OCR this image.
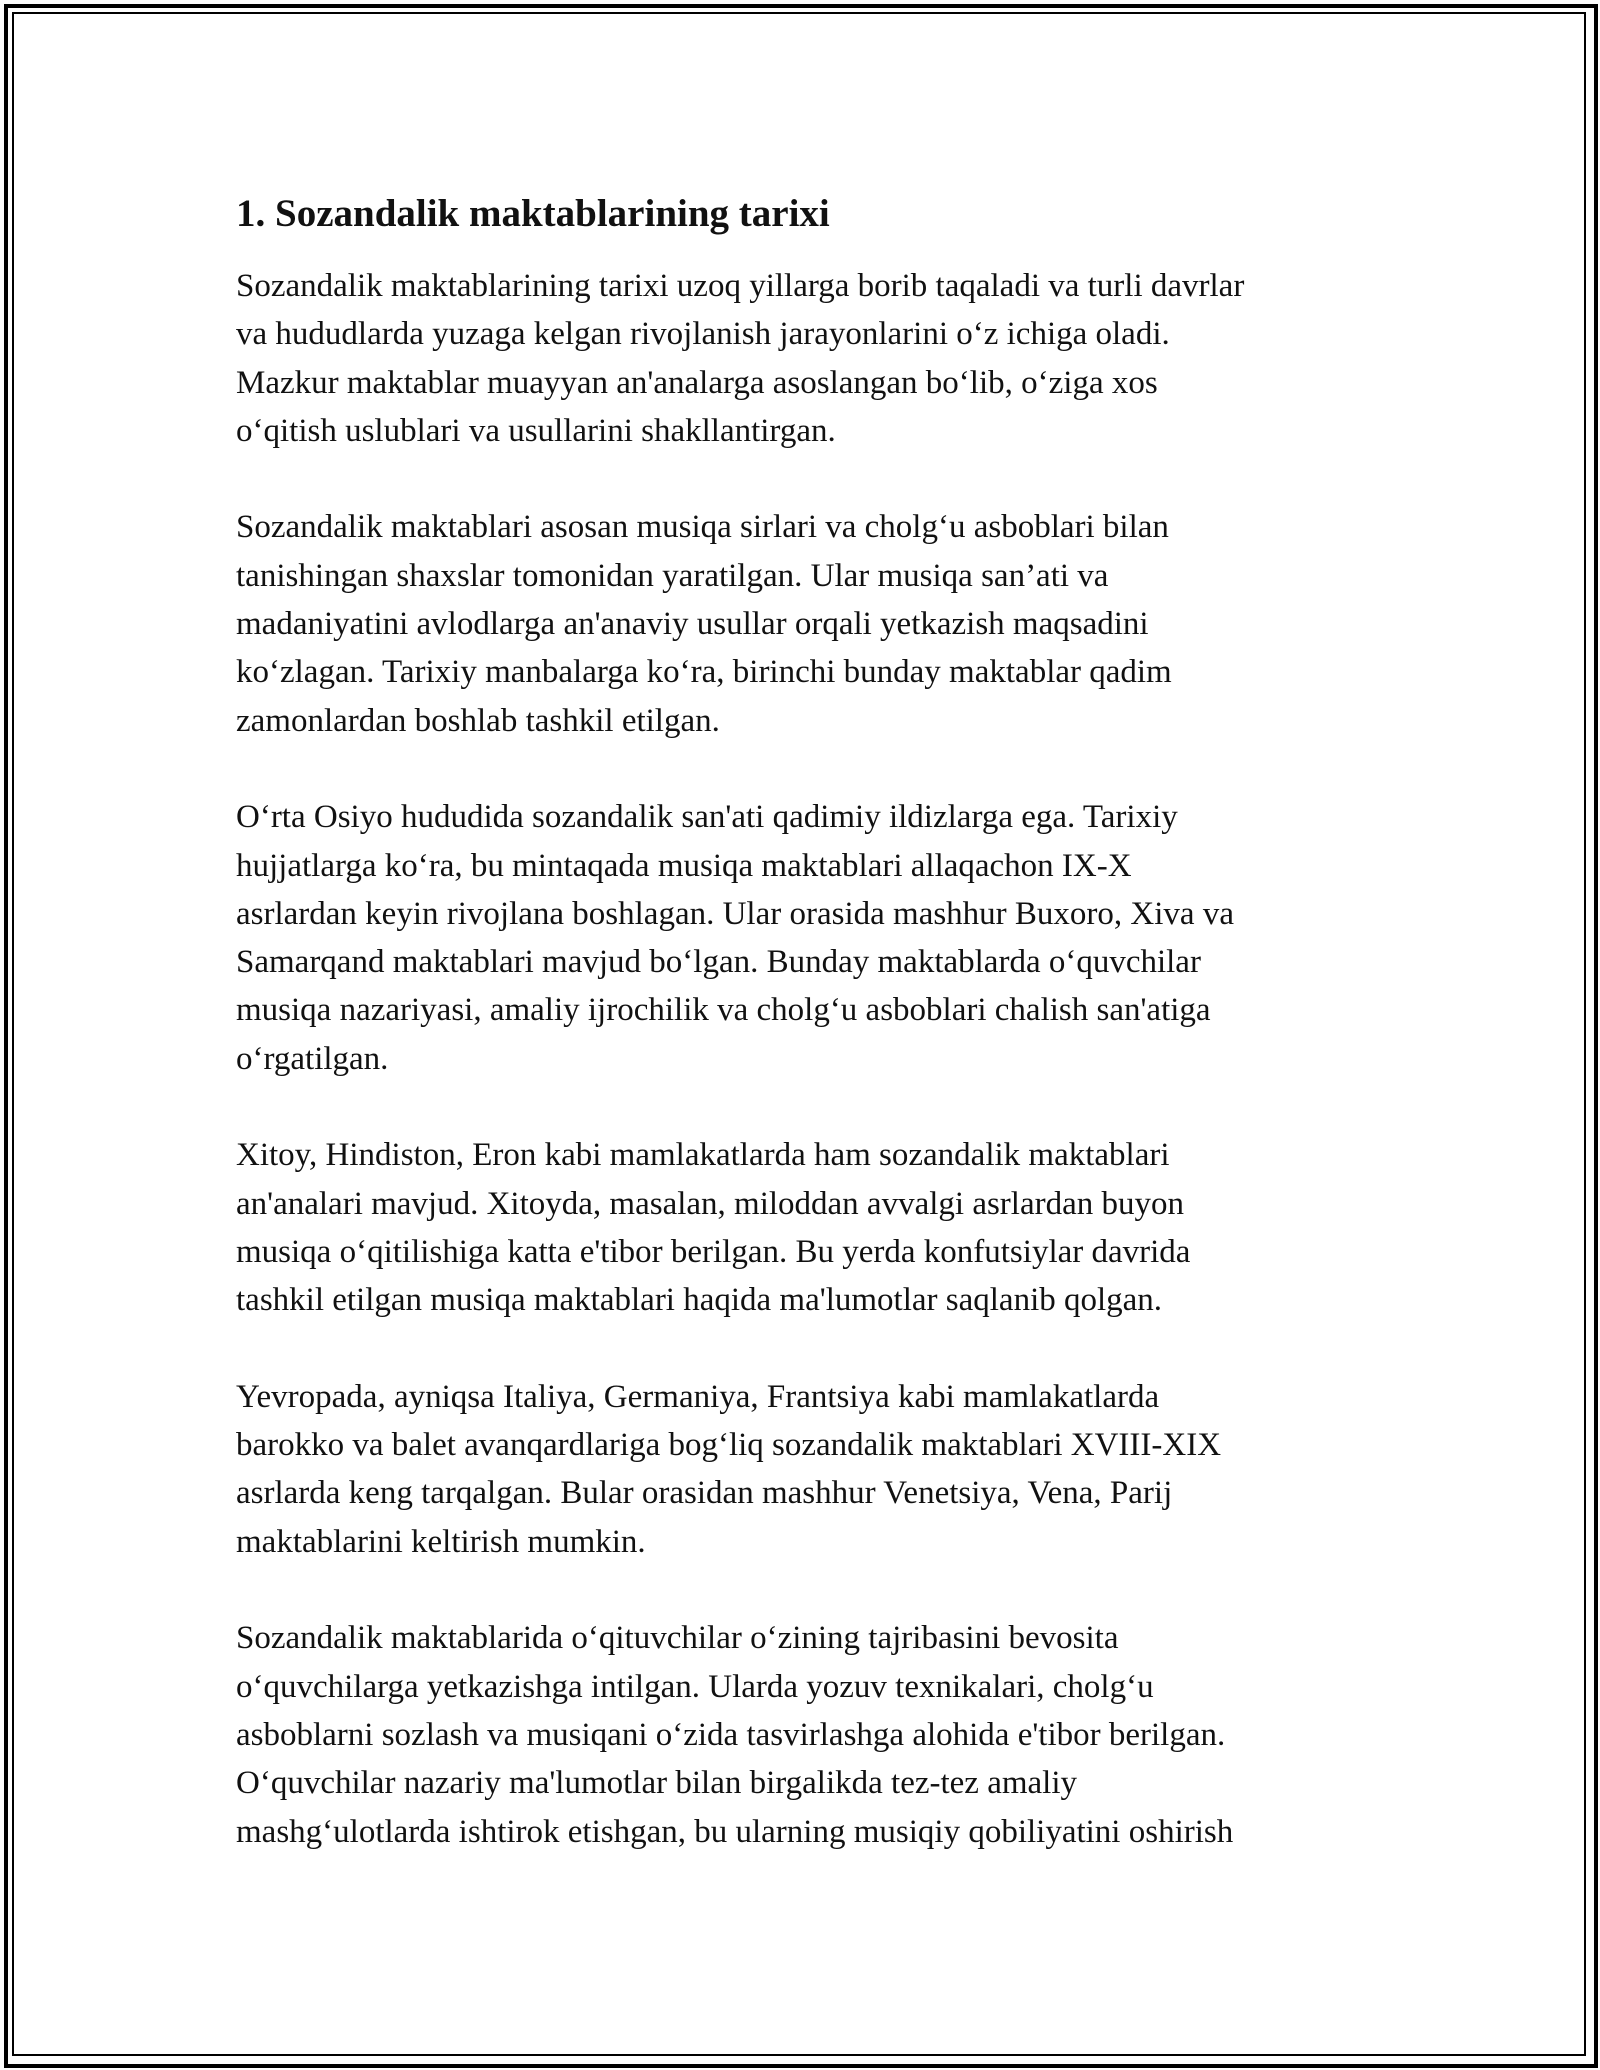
1. Sozandalik maktablarining tarixi

Sozandalik maktablarining tarixi uzoq yillarga borib taqaladi va turli davrlar
va hududlarda yuzaga kelgan rivojlanish jarayonlarini o‘z ichiga oladi.
Mazkur maktablar muayyan an'analarga asoslangan bo‘lib, o‘ziga xos
o‘qitish uslublari va usullarini shakllantirgan.

Sozandalik maktablari asosan musiqa sirlari va cholg‘u asboblari bilan
tanishingan shaxslar tomonidan yaratilgan. Ular musiqa san’ati va
madaniyatini avlodlarga an'anaviy usullar orqali yetkazish maqsadini
ko‘zlagan. Tarixiy manbalarga ko‘ra, birinchi bunday maktablar qadim
zamonlardan boshlab tashkil etilgan.

O‘rta Osiyo hududida sozandalik san'ati qadimiy ildizlarga ega. Tarixiy
hujjatlarga ko‘ra, bu mintaqada musiqa maktablari allaqachon IX-X
asrlardan keyin rivojlana boshlagan. Ular orasida mashhur Buxoro, Xiva va
Samarqand maktablari mavjud bo‘lgan. Bunday maktablarda o‘quvchilar
musiqa nazariyasi, amaliy ijrochilik va cholg‘u asboblari chalish san'atiga
o‘rgatilgan.

Xitoy, Hindiston, Eron kabi mamlakatlarda ham sozandalik maktablari
an'analari mavjud. Xitoyda, masalan, miloddan avvalgi asrlardan buyon
musiqa o‘qitilishiga katta e'tibor berilgan. Bu yerda konfutsiylar davrida
tashkil etilgan musiqa maktablari haqida ma'lumotlar saqlanib qolgan.

Yevropada, ayniqsa Italiya, Germaniya, Frantsiya kabi mamlakatlarda
barokko va balet avanqardlariga bog‘liq sozandalik maktablari XVIII-XIX
asrlarda keng tarqalgan. Bular orasidan mashhur Venetsiya, Vena, Parij
maktablarini keltirish mumkin.

Sozandalik maktablarida o‘qituvchilar o‘zining tajribasini bevosita
o‘quvchilarga yetkazishga intilgan. Ularda yozuv texnikalari, cholg‘u
asboblarni sozlash va musiqani o‘zida tasvirlashga alohida e'tibor berilgan.
O‘quvchilar nazariy ma'lumotlar bilan birgalikda tez-tez amaliy
mashg‘ulotlarda ishtirok etishgan, bu ularning musiqiy qobiliyatini oshirish
